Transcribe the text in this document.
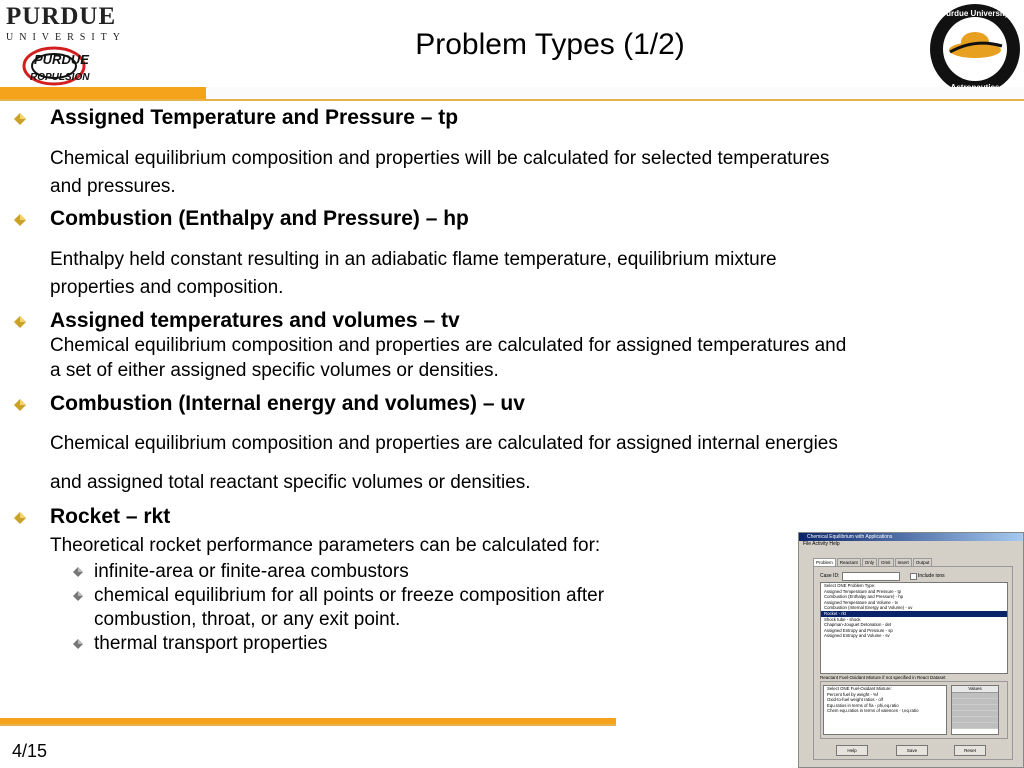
PURDUE
UNIVERSITY
PURDUE
ROPULSION
Problem Types (1/2)
Purdue University
Assigned Temperature and Pressure – tp
Chemical equilibrium composition and properties will be calculated for selected temperatures
and pressures.
Combustion (Enthalpy and Pressure) – hp
Enthalpy held constant resulting in an adiabatic flame temperature, equilibrium mixture
properties and composition.
Assigned temperatures and volumes – tv
Chemical equilibrium composition and properties are calculated for assigned temperatures and
a set of either assigned specific volumes or densities.
Combustion (Internal energy and volumes) – uv
Chemical equilibrium composition and properties are calculated for assigned internal energies
and assigned total reactant specific volumes or densities.
Rocket – rkt
Theoretical rocket performance parameters can be calculated for:
infinite-area or finite-area combustors
chemical equilibrium for all points or freeze composition after
combustion, throat, or any exit point.
thermal transport properties
Chemical Equilibrium with Applications
File Activity Help
Problem	Reactant	Only	Omit	Insert	Output
Case ID:	Include ions
Select ONE Problem Type:
Assigned Temperature and Pressure - tp
Combustion (Enthalpy and Pressure) - hp
Assigned Temperature and Volume - tv
Combustion (Internal Energy and Volume) - uv
Rocket - rkt
Shock tube - shock
Chapman-Jouguet Detonation - det
Assigned Entropy and Pressure - sp
Assigned Entropy and Volume - sv
Reactant Fuel-Oxidant Mixture if not specified in React Dataset
Select ONE Fuel-Oxidant Mixture:
Percent fuel by weight - %f
Oxid-to-fuel weight ratios - o/f
Equ.ratios in terms of f/a - phi,eq.ratio
Chem equ.ratios in terms of valences - r,eq.ratio
Values
Help	Save	Reset
4/15
